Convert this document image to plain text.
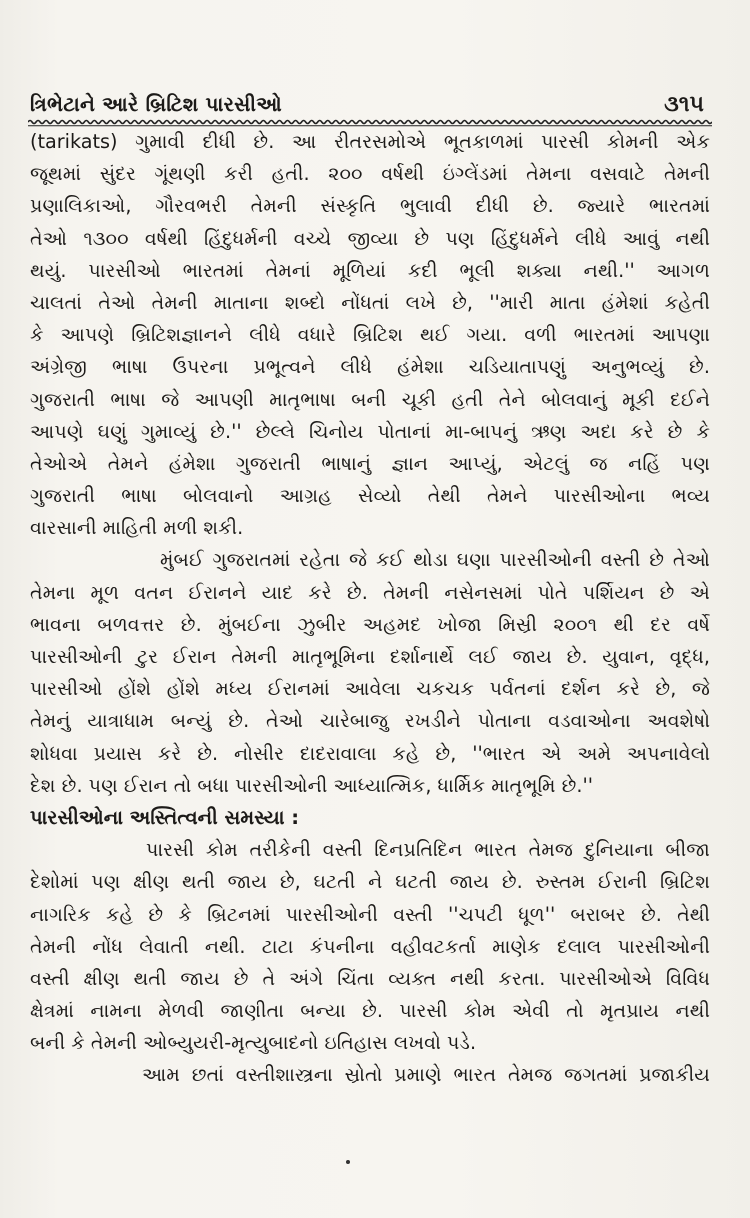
ત્રિભેટાને આરે બ્રિટિશ પારસીઓ	૩૧૫
(tarikats) ગુમાવી દીધી છે. આ રીતરસમોએ ભૂતકાળમાં પારસી કોમની એક
જૂથમાં સુંદર ગૂંથણી કરી હતી. ૨૦૦ વર્ષથી ઇંગ્લેંડમાં તેમના વસવાટે તેમની
પ્રણાલિકાઓ, ગૌરવભરી તેમની સંસ્કૃતિ ભુલાવી દીધી છે. જ્યારે ભારતમાં
તેઓ ૧૩૦૦ વર્ષથી હિંદુધર્મની વચ્ચે જીવ્યા છે પણ હિંદુધર્મને લીધે આવું નથી
થયું. પારસીઓ ભારતમાં તેમનાં મૂળિયાં કદી ભૂલી શક્યા નથી.'' આગળ
ચાલતાં તેઓ તેમની માતાના શબ્દો નોંધતાં લખે છે, ''મારી માતા હંમેશાં કહેતી
કે આપણે બ્રિટિશજ્ઞાનને લીધે વધારે બ્રિટિશ થઈ ગયા. વળી ભારતમાં આપણા
અંગ્રેજી ભાષા ઉપરના પ્રભૂત્વને લીધે હંમેશા ચડિયાતાપણું અનુભવ્યું છે.
ગુજરાતી ભાષા જે આપણી માતૃભાષા બની ચૂકી હતી તેને બોલવાનું મૂકી દઈને
આપણે ઘણું ગુમાવ્યું છે.'' છેલ્લે ચિનોય પોતાનાં મા-બાપનું ઋણ અદા કરે છે કે
તેઓએ તેમને હંમેશા ગુજરાતી ભાષાનું જ્ઞાન આપ્યું, એટલું જ નહિં પણ
ગુજરાતી ભાષા બોલવાનો આગ્રહ સેવ્યો તેથી તેમને પારસીઓના ભવ્ય
વારસાની માહિતી મળી શકી.
મુંબઈ ગુજરાતમાં રહેતા જે કઈ થોડા ઘણા પારસીઓની વસ્તી છે તેઓ
તેમના મૂળ વતન ઈરાનને યાદ કરે છે. તેમની નસેનસમાં પોતે પર્શિયન છે એ
ભાવના બળવત્તર છે. મુંબઈના ઝુબીર અહમદ ખોજા મિસ્રી ૨૦૦૧ થી દર વર્ષે
પારસીઓની ટુર ઈરાન તેમની માતૃભૂમિના દર્શાનાર્થે લઈ જાય છે. યુવાન, વૃદ્ધ,
પારસીઓ હોંશે હોંશે મધ્ય ઈરાનમાં આવેલા ચકચક પર્વતનાં દર્શન કરે છે, જે
તેમનું યાત્રાધામ બન્યું છે. તેઓ ચારેબાજુ રખડીને પોતાના વડવાઓના અવશેષો
શોધવા પ્રયાસ કરે છે. નોસીર દાદરાવાલા કહે છે, ''ભારત એ અમે અપનાવેલો
દેશ છે. પણ ઈરાન તો બધા પારસીઓની આધ્યાત્મિક, ધાર્મિક માતૃભૂમિ છે.''
પારસીઓના અસ્તિત્વની સમસ્યા :
પારસી કોમ તરીકેની વસ્તી દિનપ્રતિદિન ભારત તેમજ દુનિયાના બીજા
દેશોમાં પણ ક્ષીણ થતી જાય છે, ઘટતી ને ઘટતી જાય છે. રુસ્તમ ઈરાની બ્રિટિશ
નાગરિક કહે છે કે બ્રિટનમાં પારસીઓની વસ્તી ''ચપટી ધૂળ'' બરાબર છે. તેથી
તેમની નોંધ લેવાતી નથી. ટાટા કંપનીના વહીવટકર્તા માણેક દલાલ પારસીઓની
વસ્તી ક્ષીણ થતી જાય છે તે અંગે ચિંતા વ્યક્ત નથી કરતા. પારસીઓએ વિવિધ
ક્ષેત્રમાં નામના મેળવી જાણીતા બન્યા છે. પારસી કોમ એવી તો મૃતપ્રાય નથી
બની કે તેમની ઓબ્યુયરી-મૃત્યુબાદનો ઇતિહાસ લખવો પડે.
આમ છતાં વસ્તીશાસ્ત્રના સ્રોતો પ્રમાણે ભારત તેમજ જગતમાં પ્રજાકીય
